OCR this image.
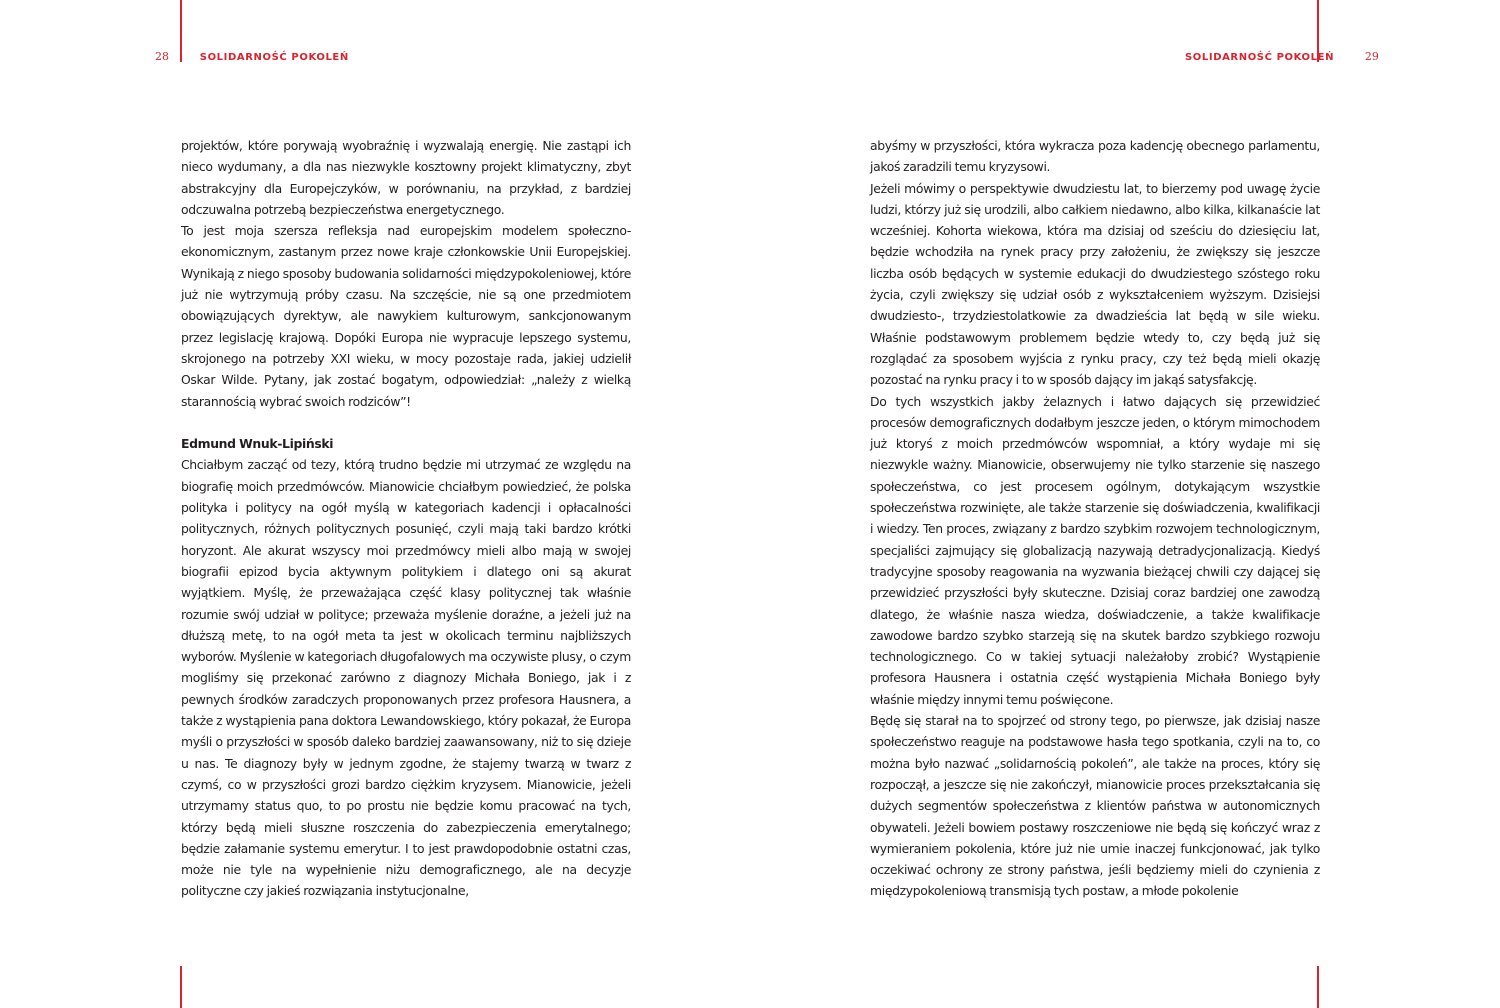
28	SOLIDARNOŚĆ POKOLEŃ	SOLIDARNOŚĆ POKOLEŃ	29

projektów, które porywają wyobraźnię i wyzwalają energię. Nie zastąpi ich nieco wydumany, a dla nas niezwykle kosztowny projekt klimatyczny, zbyt abstrakcyjny dla Europejczyków, w porównaniu, na przykład, z bardziej odczuwalna potrzebą bezpieczeństwa energetycznego.

To jest moja szersza refleksja nad europejskim modelem społeczno-ekonomicznym, zastanym przez nowe kraje członkowskie Unii Europejskiej. Wynikają z niego sposoby budowania solidarności międzypokoleniowej, które już nie wytrzymują próby czasu. Na szczęście, nie są one przedmiotem obowiązujących dyrektyw, ale nawykiem kulturowym, sankcjonowanym przez legislację krajową. Dopóki Europa nie wypracuje lepszego systemu, skrojonego na potrzeby XXI wieku, w mocy pozostaje rada, jakiej udzielił Oskar Wilde. Pytany, jak zostać bogatym, odpowiedział: „należy z wielką starannością wybrać swoich rodziców”!

Edmund Wnuk-Lipiński

Chciałbym zacząć od tezy, którą trudno będzie mi utrzymać ze względu na biografię moich przedmówców. Mianowicie chciałbym powiedzieć, że polska polityka i politycy na ogół myślą w kategoriach kadencji i opłacalności politycznych, różnych politycznych posunięć, czyli mają taki bardzo krótki horyzont. Ale akurat wszyscy moi przedmówcy mieli albo mają w swojej biografii epizod bycia aktywnym politykiem i dlatego oni są akurat wyjątkiem. Myślę, że przeważająca część klasy politycznej tak właśnie rozumie swój udział w polityce; przeważa myślenie doraźne, a jeżeli już na dłuższą metę, to na ogół meta ta jest w okolicach terminu najbliższych wyborów. Myślenie w kategoriach długofalowych ma oczywiste plusy, o czym mogliśmy się przekonać zarówno z diagnozy Michała Boniego, jak i z pewnych środków zaradczych proponowanych przez profesora Hausnera, a także z wystąpienia pana doktora Lewandowskiego, który pokazał, że Europa myśli o przyszłości w sposób daleko bardziej zaawansowany, niż to się dzieje u nas. Te diagnozy były w jednym zgodne, że stajemy twarzą w twarz z czymś, co w przyszłości grozi bardzo ciężkim kryzysem. Mianowicie, jeżeli utrzymamy status quo, to po prostu nie będzie komu pracować na tych, którzy będą mieli słuszne roszczenia do zabezpieczenia emerytalnego; będzie załamanie systemu emerytur. I to jest prawdopodobnie ostatni czas, może nie tyle na wypełnienie niżu demograficznego, ale na decyzje polityczne czy jakieś rozwiązania instytucjonalne,

abyśmy w przyszłości, która wykracza poza kadencję obecnego parlamentu, jakoś zaradzili temu kryzysowi.

Jeżeli mówimy o perspektywie dwudziestu lat, to bierzemy pod uwagę życie ludzi, którzy już się urodzili, albo całkiem niedawno, albo kilka, kilkanaście lat wcześniej. Kohorta wiekowa, która ma dzisiaj od sześciu do dziesięciu lat, będzie wchodziła na rynek pracy przy założeniu, że zwiększy się jeszcze liczba osób będących w systemie edukacji do dwudziestego szóstego roku życia, czyli zwiększy się udział osób z wykształceniem wyższym. Dzisiejsi dwudziesto-, trzydziestolatkowie za dwadzieścia lat będą w sile wieku. Właśnie podstawowym problemem będzie wtedy to, czy będą już się rozglądać za sposobem wyjścia z rynku pracy, czy też będą mieli okazję pozostać na rynku pracy i to w sposób dający im jakąś satysfakcję.

Do tych wszystkich jakby żelaznych i łatwo dających się przewidzieć procesów demograficznych dodałbym jeszcze jeden, o którym mimochodem już ktoryś z moich przedmówców wspomniał, a który wydaje mi się niezwykle ważny. Mianowicie, obserwujemy nie tylko starzenie się naszego społeczeństwa, co jest procesem ogólnym, dotykającym wszystkie społeczeństwa rozwinięte, ale także starzenie się doświadczenia, kwalifikacji i wiedzy. Ten proces, związany z bardzo szybkim rozwojem technologicznym, specjaliści zajmujący się globalizacją nazywają detradycjonalizacją. Kiedyś tradycyjne sposoby reagowania na wyzwania bieżącej chwili czy dającej się przewidzieć przyszłości były skuteczne. Dzisiaj coraz bardziej one zawodzą dlatego, że właśnie nasza wiedza, doświadczenie, a także kwalifikacje zawodowe bardzo szybko starzeją się na skutek bardzo szybkiego rozwoju technologicznego. Co w takiej sytuacji należałoby zrobić? Wystąpienie profesora Hausnera i ostatnia część wystąpienia Michała Boniego były właśnie między innymi temu poświęcone.

Będę się starał na to spojrzeć od strony tego, po pierwsze, jak dzisiaj nasze społeczeństwo reaguje na podstawowe hasła tego spotkania, czyli na to, co można było nazwać „solidarnością pokoleń”, ale także na proces, który się rozpoczął, a jeszcze się nie zakończył, mianowicie proces przekształcania się dużych segmentów społeczeństwa z klientów państwa w autonomicznych obywateli. Jeżeli bowiem postawy roszczeniowe nie będą się kończyć wraz z wymieraniem pokolenia, które już nie umie inaczej funkcjonować, jak tylko oczekiwać ochrony ze strony państwa, jeśli będziemy mieli do czynienia z międzypokoleniową transmisją tych postaw, a młode pokolenie
